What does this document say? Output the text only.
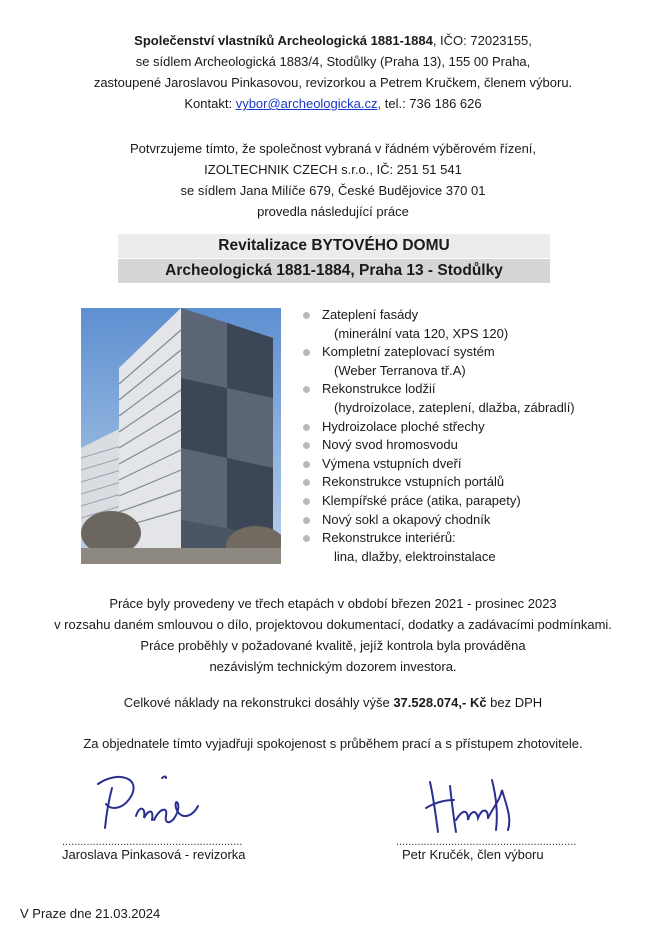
Společenství vlastníků Archeologická 1881-1884, IČO: 72023155,
se sídlem Archeologická 1883/4, Stodůlky (Praha 13), 155 00 Praha,
zastoupené Jaroslavou Pinkasovou, revizorkou a Petrem Kručkem, členem výboru.
Kontakt: vybor@archeologicka.cz, tel.: 736 186 626
Potvrzujeme tímto, že společnost vybraná v řádném výběrovém řízení,
IZOLTECHNIK CZECH s.r.o., IČ: 251 51 541
se sídlem Jana Milíče 679, České Budějovice 370 01
provedla následující práce
Revitalizace BYTOVÉHO DOMU
Archeologická 1881-1884, Praha 13 - Stodůlky
Zateplení fasády
(minerální vata 120, XPS 120)
Kompletní zateplovací systém
(Weber Terranova tř.A)
Rekonstrukce lodžií
(hydroizolace, zateplení, dlažba, zábradlí)
Hydroizolace ploché střechy
Nový svod hromosvodu
Výmena vstupních dveří
Rekonstrukce vstupních portálů
Klempířské práce (atika, parapety)
Nový sokl a okapový chodník
Rekonstrukce interiérů:
lina, dlažby, elektroinstalace
Práce byly provedeny ve třech etapách v období březen 2021 - prosinec 2023
v rozsahu daném smlouvou o dílo, projektovou dokumentací, dodatky a zadávacími podmínkami.
Práce proběhly v požadované kvalitě, jejíž kontrola byla prováděna
nezávislým technickým dozorem investora.
Celkové náklady na rekonstrukci dosáhly výše 37.528.074,- Kč bez DPH
Za objednatele tímto vyjadřuji spokojenost s průběhem prací a s přístupem zhotovitele.
...........................................................
Jaroslava Pinkasová - revizorka
...........................................................
Petr Kručék, člen výboru
V Praze dne 21.03.2024
